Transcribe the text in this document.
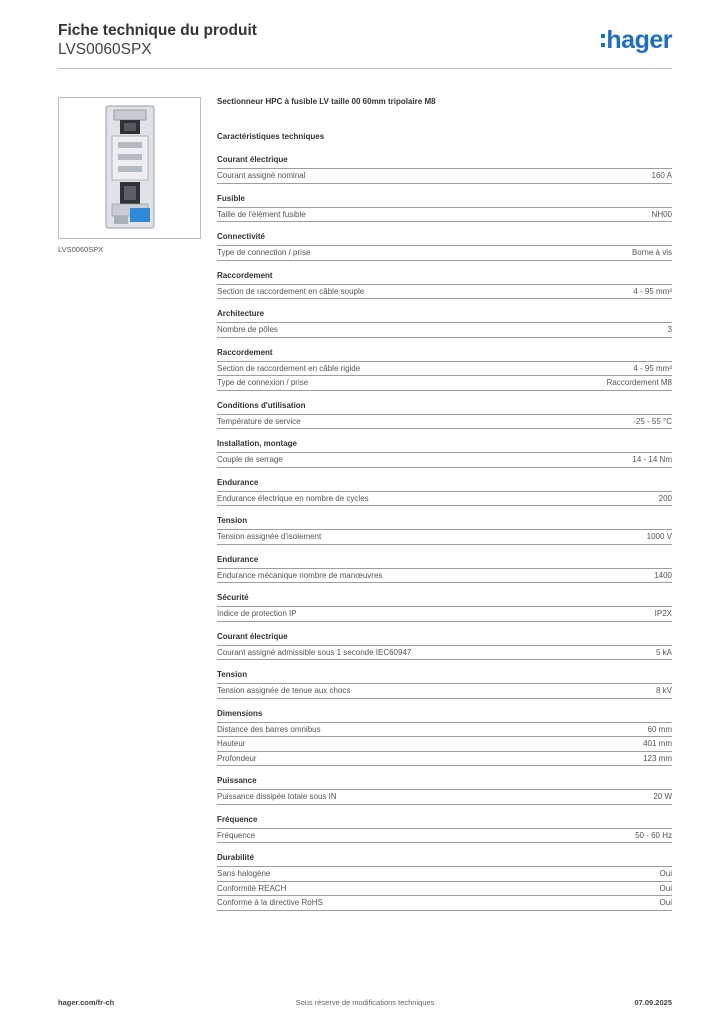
Fiche technique du produit
LVS0060SPX	hager
LVS0060SPX
Sectionneur HPC à fusible LV taille 00 60mm tripolaire M8
Caractéristiques techniques
Courant électrique
Courant assigné nominal	160 A
Fusible
Taille de l'élément fusible	NH00
Connectivité
Type de connection / prise	Borne à vis
Raccordement
Section de raccordement en câble souple	4 - 95 mm²
Architecture
Nombre de pôles	3
Raccordement
Section de raccordement en câble rigide	4 - 95 mm²
Type de connexion / prise	Raccordement M8
Conditions d'utilisation
Température de service	-25 - 55 °C
Installation, montage
Couple de serrage	14 - 14 Nm
Endurance
Endurance électrique en nombre de cycles	200
Tension
Tension assignée d'isolement	1000 V
Endurance
Endurance mécanique nombre de manœuvres	1400
Sécurité
Indice de protection IP	IP2X
Courant électrique
Courant assigné admissible sous 1 seconde IEC60947	5 kA
Tension
Tension assignée de tenue aux chocs	8 kV
Dimensions
Distance des barres omnibus	60 mm
Hauteur	401 mm
Profondeur	123 mm
Puissance
Puissance dissipée totale sous IN	20 W
Fréquence
Fréquence	50 - 60 Hz
Durabilité
Sans halogène	Oui
Conformité REACH	Oui
Conforme à la directive RoHS	Oui
hager.com/fr-ch	Sous réserve de modifications techniques	07.09.2025
